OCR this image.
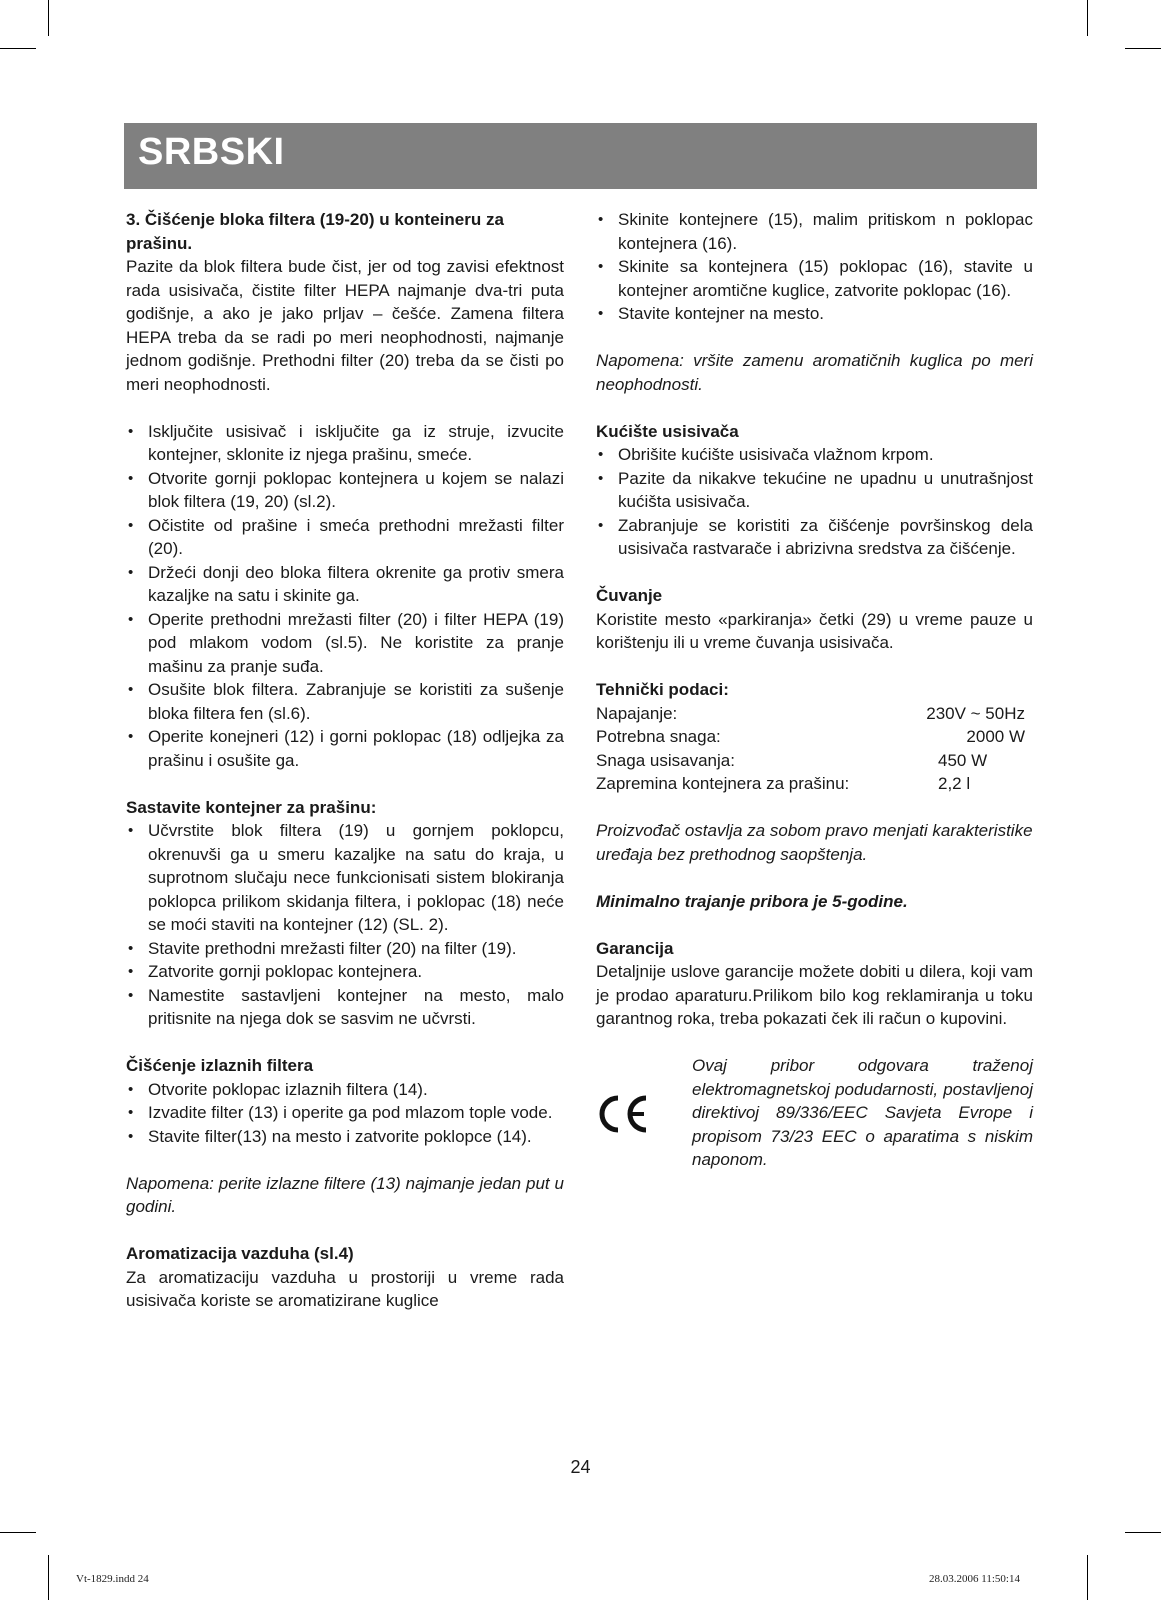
SRBSKI
3. Čišćenje bloka filtera (19-20) u konteineru za prašinu.

Pazite da blok filtera bude čist, jer od tog zavisi efektnost rada usisivača, čistite filter HEPA najmanje dva-tri puta godišnje, a ako je jako prljav – češće. Zamena filtera HEPA treba da se radi po meri neophodnosti, najmanje jednom godišnje. Prethodni filter (20) treba da se čisti po meri neophodnosti.

• Isključite usisivač i isključite ga iz struje, izvucite kontejner, sklonite iz njega prašinu, smeće.
• Otvorite gornji poklopac kontejnera u kojem se nalazi blok filtera (19, 20) (sl.2).
• Očistite od prašine i smeća prethodni mrežasti filter (20).
• Držeći donji deo bloka filtera okrenite ga protiv smera kazaljke na satu i skinite ga.
• Operite prethodni mrežasti filter (20) i filter HEPA (19) pod mlakom vodom (sl.5). Ne koristite za pranje mašinu za pranje suđa.
• Osušite blok filtera. Zabranjuje se koristiti za sušenje bloka filtera fen (sl.6).
• Operite konejneri (12) i gorni poklopac (18) odljejka za prašinu i osušite ga.
Sastavite kontejner za prašinu:
• Učvrstite blok filtera (19) u gornjem poklopcu, okrenuvši ga u smeru kazaljke na satu do kraja, u suprotnom slučaju nece funkcionisati sistem blokiranja poklopca prilikom skidanja filtera, i poklopac (18) neće se moći staviti na kontejner (12) (SL. 2).
• Stavite prethodni mrežasti filter (20) na filter (19).
• Zatvorite gornji poklopac kontejnera.
• Namestite sastavljeni kontejner na mesto, malo pritisnite na njega dok se sasvim ne učvrsti.
Čišćenje izlaznih filtera
• Otvorite poklopac izlaznih filtera (14).
• Izvadite filter (13) i operite ga pod mlazom tople vode.
• Stavite filter(13) na mesto i zatvorite poklopce (14).

Napomena: perite izlazne filtere (13) najmanje jedan put u godini.

Aromatizacija vazduha (sl.4)

Za aromatizaciju vazduha u prostoriji u vreme rada usisivača koriste se aromatizirane kuglice

• Skinite kontejnere (15), malim pritiskom n poklopac kontejnera (16).
• Skinite sa kontejnera (15) poklopac (16), stavite u kontejner aromtične kuglice, zatvorite poklopac (16).
• Stavite kontejner na mesto.

Napomena: vršite zamenu aromatičnih kuglica po meri neophodnosti.

Kućište usisivača
• Obrišite kućište usisivača vlažnom krpom.
• Pazite da nikakve tekućine ne upadnu u unutrašnjost kućišta usisivača.
• Zabranjuje se koristiti za čišćenje površinskog dela usisivača rastvarače i abrizivna sredstva za čišćenje.
Čuvanje

Koristite mesto «parkiranja» četki (29) u vreme pauze u korištenju ili u vreme čuvanja usisivača.

Tehnički podaci:
Napajanje:	230V ~ 50Hz
Potrebna snaga:	2000 W
Snaga usisavanja:	450 W
Zapremina kontejnera za prašinu:	2,2 l

Proizvođač ostavlja za sobom pravo menjati karakteristike uređaja bez prethodnog saopštenja.

Minimalno trajanje pribora je 5-godine.

Garancija

Detaljnije uslove garancije možete dobiti u dilera, koji vam je prodao aparaturu.Prilikom bilo kog reklamiranja u toku garantnog roka, treba pokazati ček ili račun o kupovini.

Ovaj pribor odgovara traženoj elektromagnetskoj podudarnosti, postavljenoj direktivoj 89/336/EEC Savjeta Evrope i propisom 73/23 EEC o aparatima s niskim naponom.

24
Vt-1829.indd 24	28.03.2006 11:50:14
